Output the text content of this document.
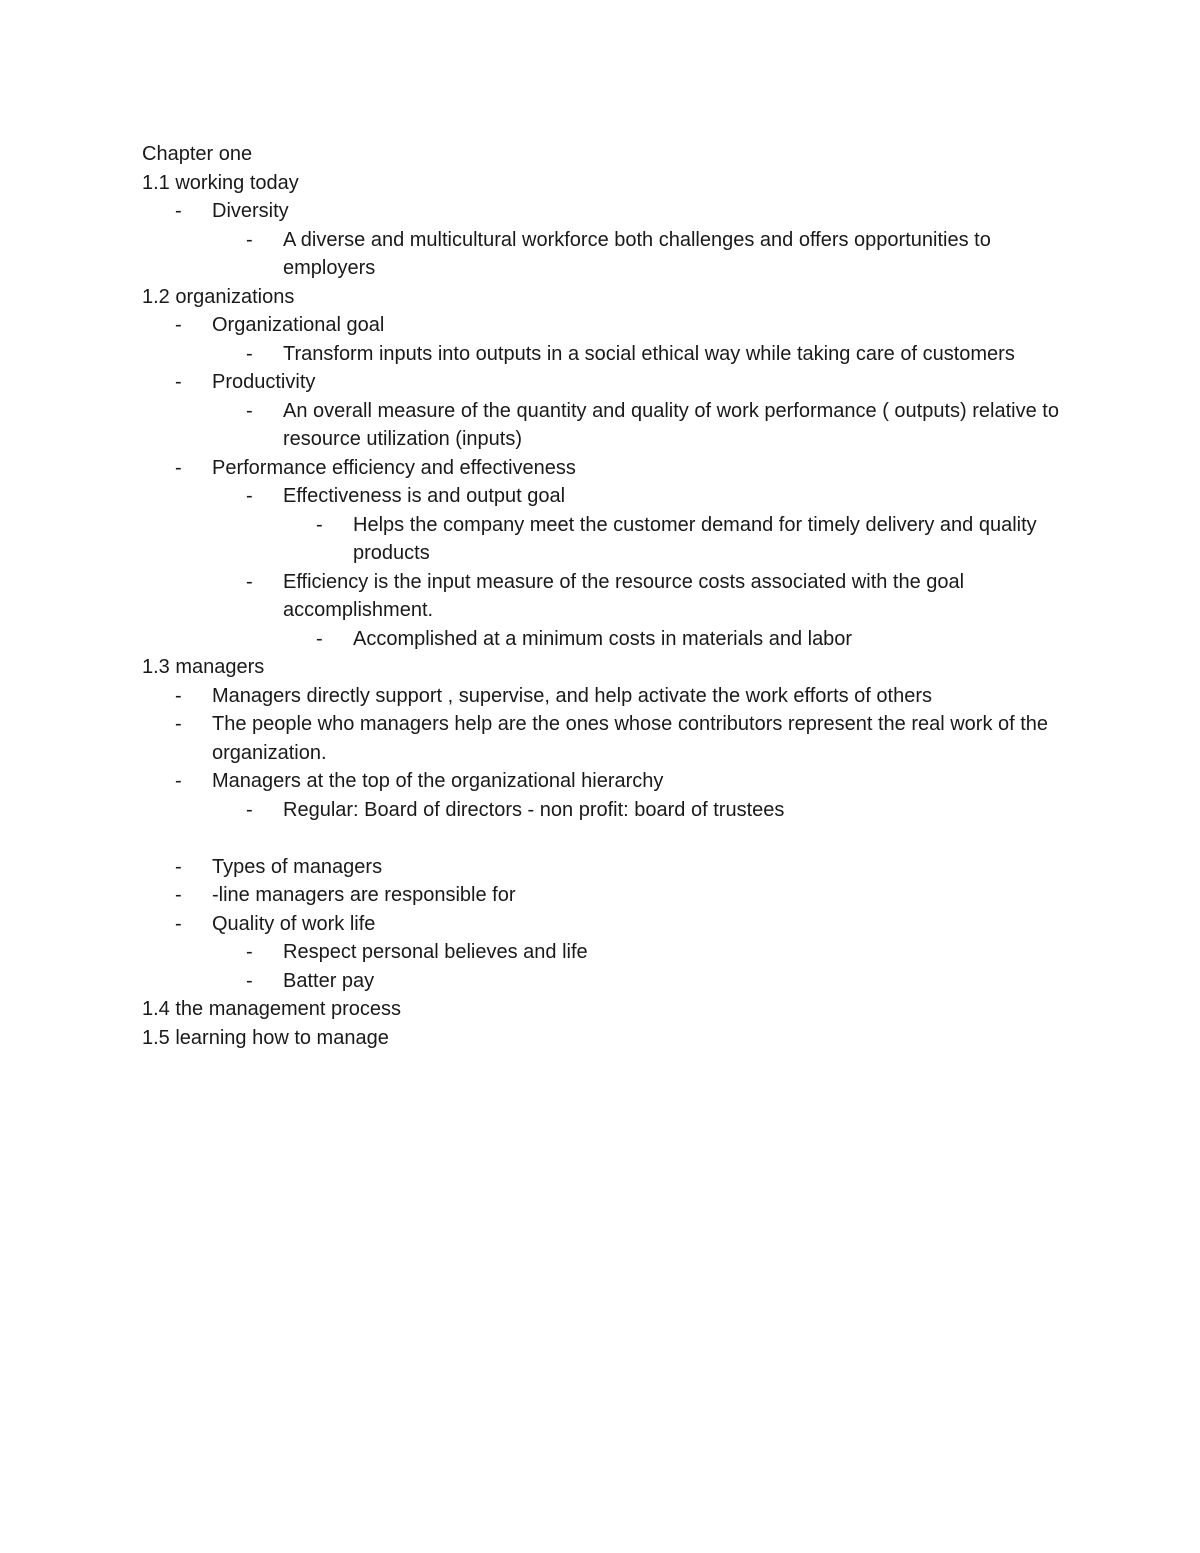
Chapter one

1.1 working today

- Diversity
- A diverse and multicultural workforce both challenges and offers opportunities to employers

1.2 organizations

- Organizational goal
- Transform inputs into outputs in a social ethical way while taking care of customers
- Productivity
- An overall measure of the quantity and quality of work performance ( outputs) relative to resource utilization (inputs)
- Performance efficiency and effectiveness
- Effectiveness is and output goal
- Helps the company meet the customer demand for timely delivery and quality products
- Efficiency is the input measure of the resource costs associated with the goal accomplishment.
- Accomplished at a minimum costs in materials and labor

1.3 managers

- Managers directly support , supervise, and help activate the work efforts of others
- The people who managers help are the ones whose contributors represent the real work of the organization.
- Managers at the top of the organizational hierarchy
- Regular: Board of directors - non profit: board of trustees
- Types of managers
- -line managers are responsible for
- Quality of work life
- Respect personal believes and life
- Batter pay

1.4 the management process

1.5 learning how to manage
